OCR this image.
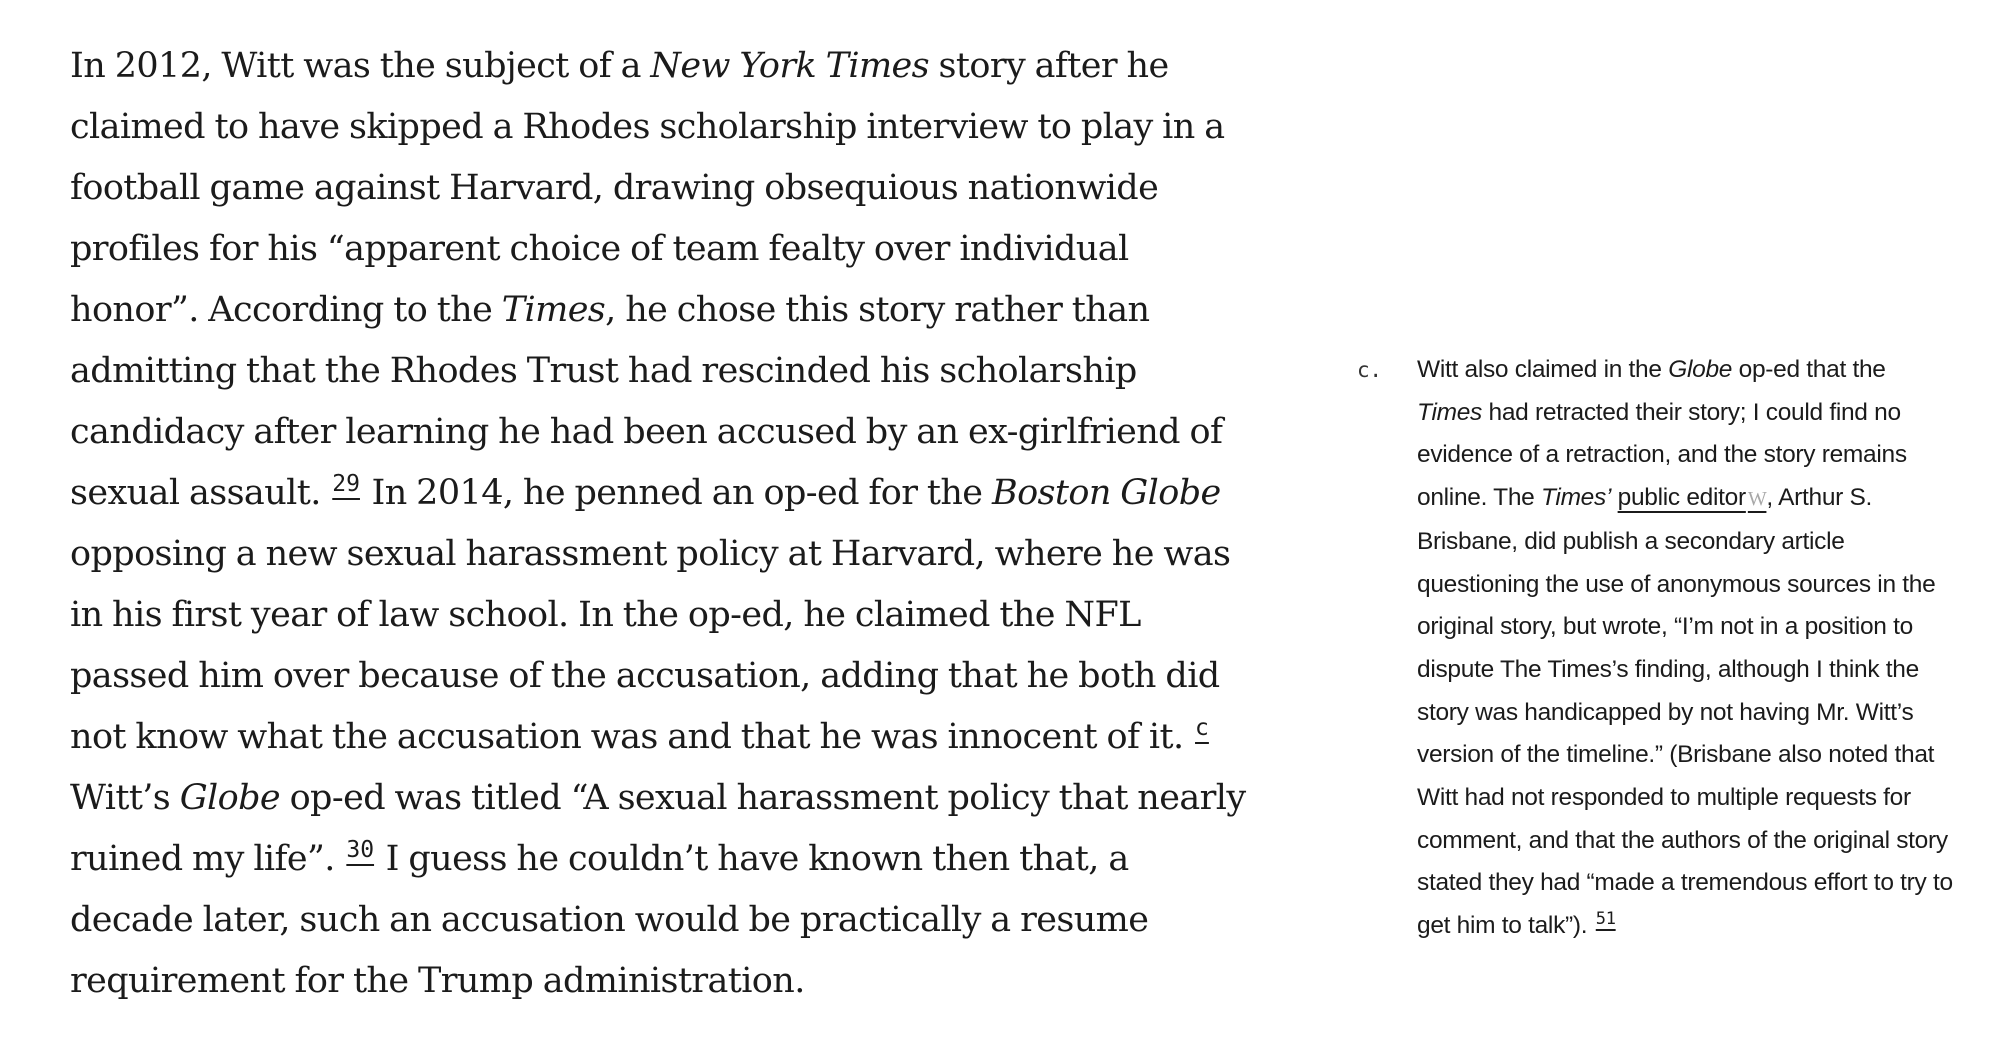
In 2012, Witt was the subject of a New York Times story after he claimed to have skipped a Rhodes scholarship interview to play in a football game against Harvard, drawing obsequious nationwide profiles for his “apparent choice of team fealty over individual honor”. According to the Times, he chose this story rather than admitting that the Rhodes Trust had rescinded his scholarship candidacy after learning he had been accused by an ex-girlfriend of sexual assault. $^{29}$ In 2014, he penned an op-ed for the Boston Globe opposing a new sexual harassment policy at Harvard, where he was in his first year of law school. In the op-ed, he claimed the NFL passed him over because of the accusation, adding that he both did not know what the accusation was and that he was innocent of it. $^c$ Witt’s Globe op-ed was titled “A sexual harassment policy that nearly ruined my life”. $^{30}$ I guess he couldn’t have known then that, a decade later, such an accusation would be practically a resume requirement for the Trump administration.

c. Witt also claimed in the Globe op-ed that the Times had retracted their story; I could find no evidence of a retraction, and the story remains online. The Times’ public editor W, Arthur S. Brisbane, did publish a secondary article questioning the use of anonymous sources in the original story, but wrote, “I’m not in a position to dispute The Times’s finding, although I think the story was handicapped by not having Mr. Witt’s version of the timeline.” (Brisbane also noted that Witt had not responded to multiple requests for comment, and that the authors of the original story stated they had “made a tremendous effort to try to get him to talk”). $^{51}$
